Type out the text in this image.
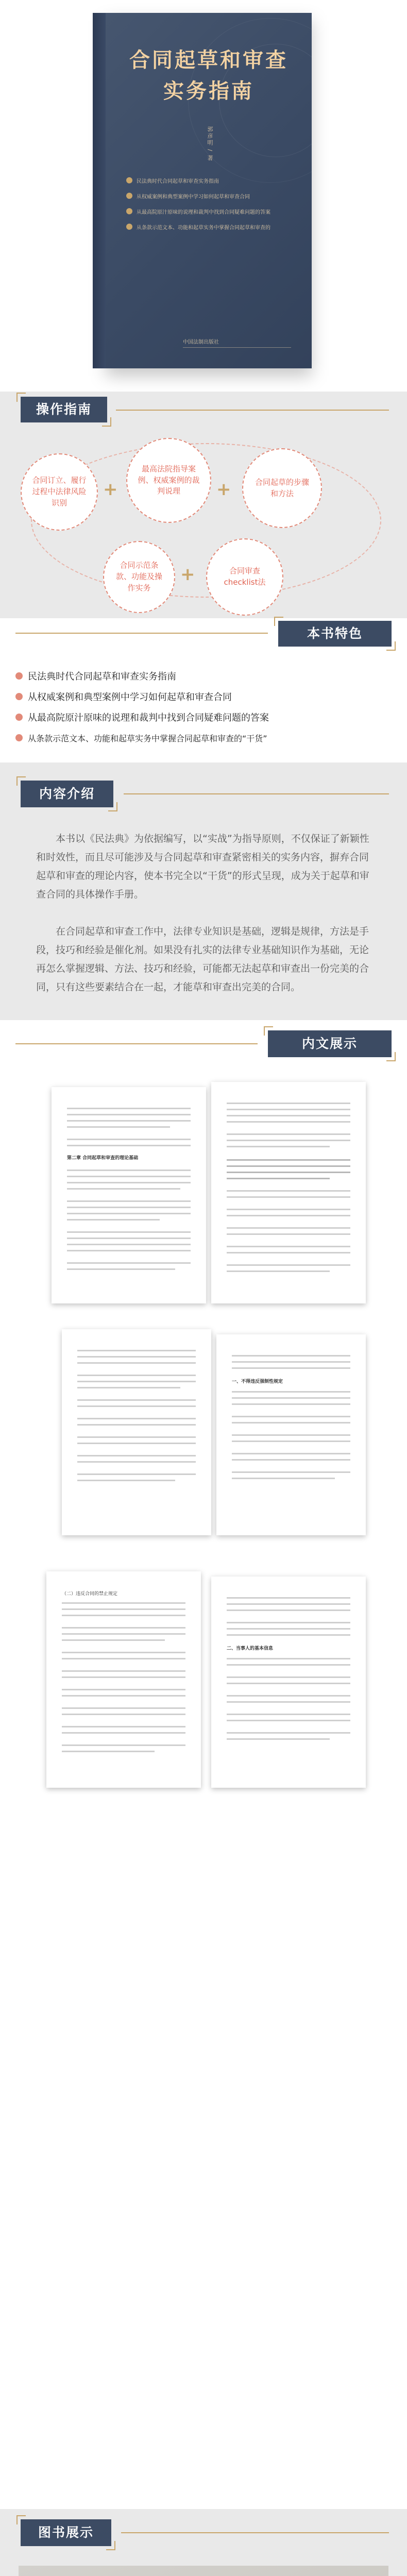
合同起草和审查
实务指南
郭彦明 / 著
民法典时代合同起草和审查实务指南
从权威案例和典型案例中学习如何起草和审查合同
从最高院原汁原味的说理和裁判中找到合同疑难问题的答案
从条款示范文本、功能和起草实务中掌握合同起草和审查的
中国法制出版社
操作指南
合同订立、履行过程中法律风险识别
+
最高法院指导案例、权威案例的裁判说理	+	合同起草的步骤和方法
合同示范条款、功能及操作实务
+	合同审查checklist法
本书特色
民法典时代合同起草和审查实务指南
从权威案例和典型案例中学习如何起草和审查合同
从最高院原汁原味的说理和裁判中找到合同疑难问题的答案
从条款示范文本、功能和起草实务中掌握合同起草和审查的“干货”
内容介绍

本书以《民法典》为依据编写，以“实战”为指导原则，不仅保证了新颖性和时效性，而且尽可能涉及与合同起草和审查紧密相关的实务内容，摒弃合同起草和审查的理论内容，使本书完全以“干货”的形式呈现，成为关于起草和审查合同的具体操作手册。

在合同起草和审查工作中，法律专业知识是基础，逻辑是规律，方法是手段，技巧和经验是催化剂。如果没有扎实的法律专业基础知识作为基础，无论再怎么掌握逻辑、方法、技巧和经验，可能都无法起草和审查出一份完美的合同，只有这些要素结合在一起，才能草和审查出完美的合同。

内文展示
第二章 合同起草和审查的理论基础
一、不得违反强制性规定
（二）违反合同的禁止规定
二、当事人的基本信息
图书展示
